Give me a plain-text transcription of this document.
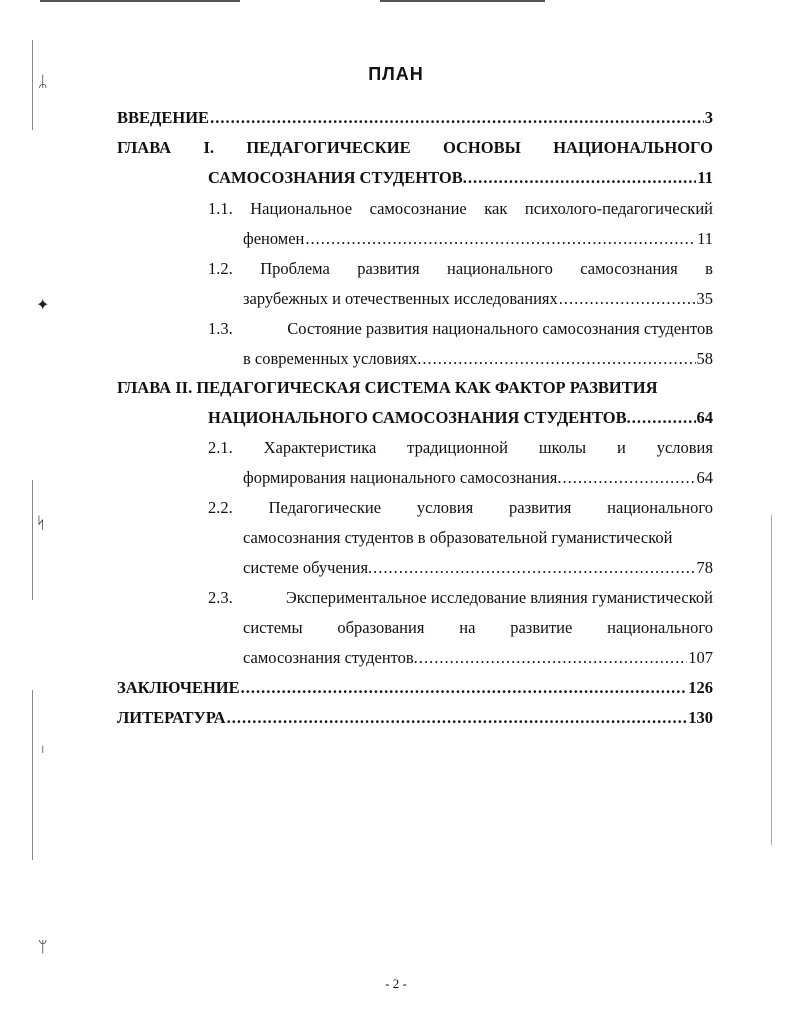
ᛦ
✦
ᛋ
ᛧ
ᛘ
ПЛАН
ВВЕДЕНИЕ .....	3
ГЛАВА I. ПЕДАГОГИЧЕСКИЕ ОСНОВЫ НАЦИОНАЛЬНОГО
САМОСОЗНАНИЯ СТУДЕНТОВ. .....	11
1.1. Национальное самосознание как психолого-педагогический
феномен .....	11
1.2. Проблема развития национального самосознания в
зарубежных и отечественных исследованиях .....	35
1.3.	Состояние развития национального самосознания студентов
в современных условиях. .....	58
ГЛАВА II. ПЕДАГОГИЧЕСКАЯ СИСТЕМА КАК ФАКТОР РАЗВИТИЯ
НАЦИОНАЛЬНОГО САМОСОЗНАНИЯ СТУДЕНТОВ. .....	64
2.1. Характеристика традиционной школы и условия
формирования национального самосознания. .....	64
2.2. Педагогические условия развития национального
самосознания студентов в образовательной гуманистической
системе обучения. .....	78
2.3.	Экспериментальное исследование влияния гуманистической
системы образования на развитие национального
самосознания студентов. .....	107
ЗАКЛЮЧЕНИЕ .....	126
ЛИТЕРАТУРА .....	130
- 2 -
